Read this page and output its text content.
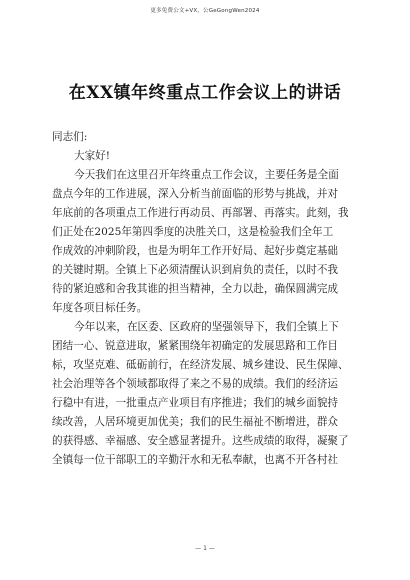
更多免费公文+VX，公GeGongWen2024
在XX镇年终重点工作会议上的讲话
同志们:
大家好!
今天我们在这里召开年终重点工作会议，主要任务是全面
盘点今年的工作进展，深入分析当前面临的形势与挑战，并对
年底前的各项重点工作进行再动员、再部署、再落实。此刻，我
们正处在2025年第四季度的决胜关口，这是检验我们全年工
作成效的冲刺阶段，也是为明年工作开好局、起好步奠定基础
的关键时期。全镇上下必须清醒认识到肩负的责任，以时不我
待的紧迫感和舍我其谁的担当精神，全力以赴，确保圆满完成
年度各项目标任务。
今年以来，在区委、区政府的坚强领导下，我们全镇上下
团结一心、锐意进取，紧紧围绕年初确定的发展思路和工作目
标，攻坚克难、砥砺前行，在经济发展、城乡建设、民生保障、
社会治理等各个领域都取得了来之不易的成绩。我们的经济运
行稳中有进，一批重点产业项目有序推进；我们的城乡面貌持
续改善，人居环境更加优美；我们的民生福祉不断增进，群众
的获得感、幸福感、安全感显著提升。这些成绩的取得，凝聚了
全镇每一位干部职工的辛勤汗水和无私奉献，也离不开各村社
— 1 —
